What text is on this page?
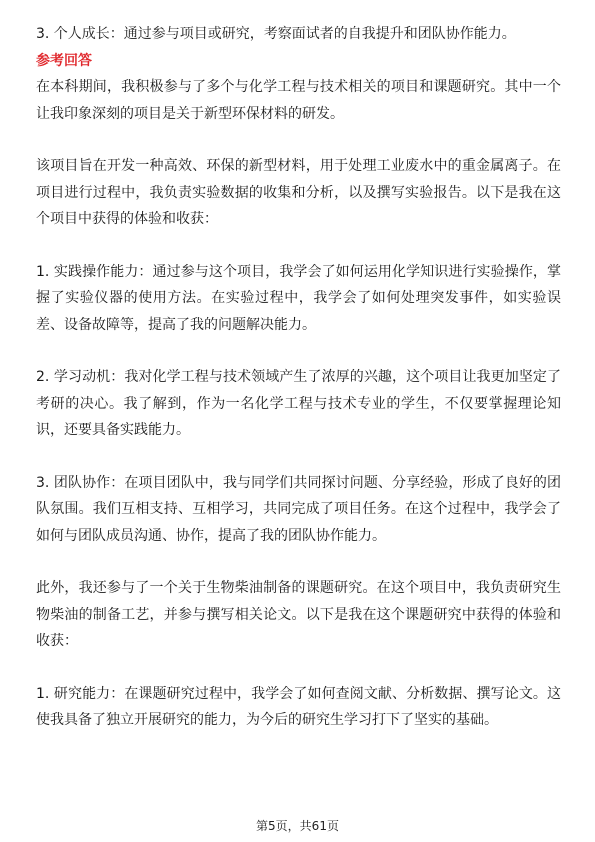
3. 个人成长：通过参与项目或研究，考察面试者的自我提升和团队协作能力。

参考回答

在本科期间，我积极参与了多个与化学工程与技术相关的项目和课题研究。其中一个让我印象深刻的项目是关于新型环保材料的研发。

该项目旨在开发一种高效、环保的新型材料，用于处理工业废水中的重金属离子。在项目进行过程中，我负责实验数据的收集和分析，以及撰写实验报告。以下是我在这个项目中获得的体验和收获：

1. 实践操作能力：通过参与这个项目，我学会了如何运用化学知识进行实验操作，掌握了实验仪器的使用方法。在实验过程中，我学会了如何处理突发事件，如实验误差、设备故障等，提高了我的问题解决能力。

2. 学习动机：我对化学工程与技术领域产生了浓厚的兴趣，这个项目让我更加坚定了考研的决心。我了解到，作为一名化学工程与技术专业的学生，不仅要掌握理论知识，还要具备实践能力。

3. 团队协作：在项目团队中，我与同学们共同探讨问题、分享经验，形成了良好的团队氛围。我们互相支持、互相学习，共同完成了项目任务。在这个过程中，我学会了如何与团队成员沟通、协作，提高了我的团队协作能力。

此外，我还参与了一个关于生物柴油制备的课题研究。在这个项目中，我负责研究生物柴油的制备工艺，并参与撰写相关论文。以下是我在这个课题研究中获得的体验和收获：

1. 研究能力：在课题研究过程中，我学会了如何查阅文献、分析数据、撰写论文。这使我具备了独立开展研究的能力，为今后的研究生学习打下了坚实的基础。

第5页，共61页
